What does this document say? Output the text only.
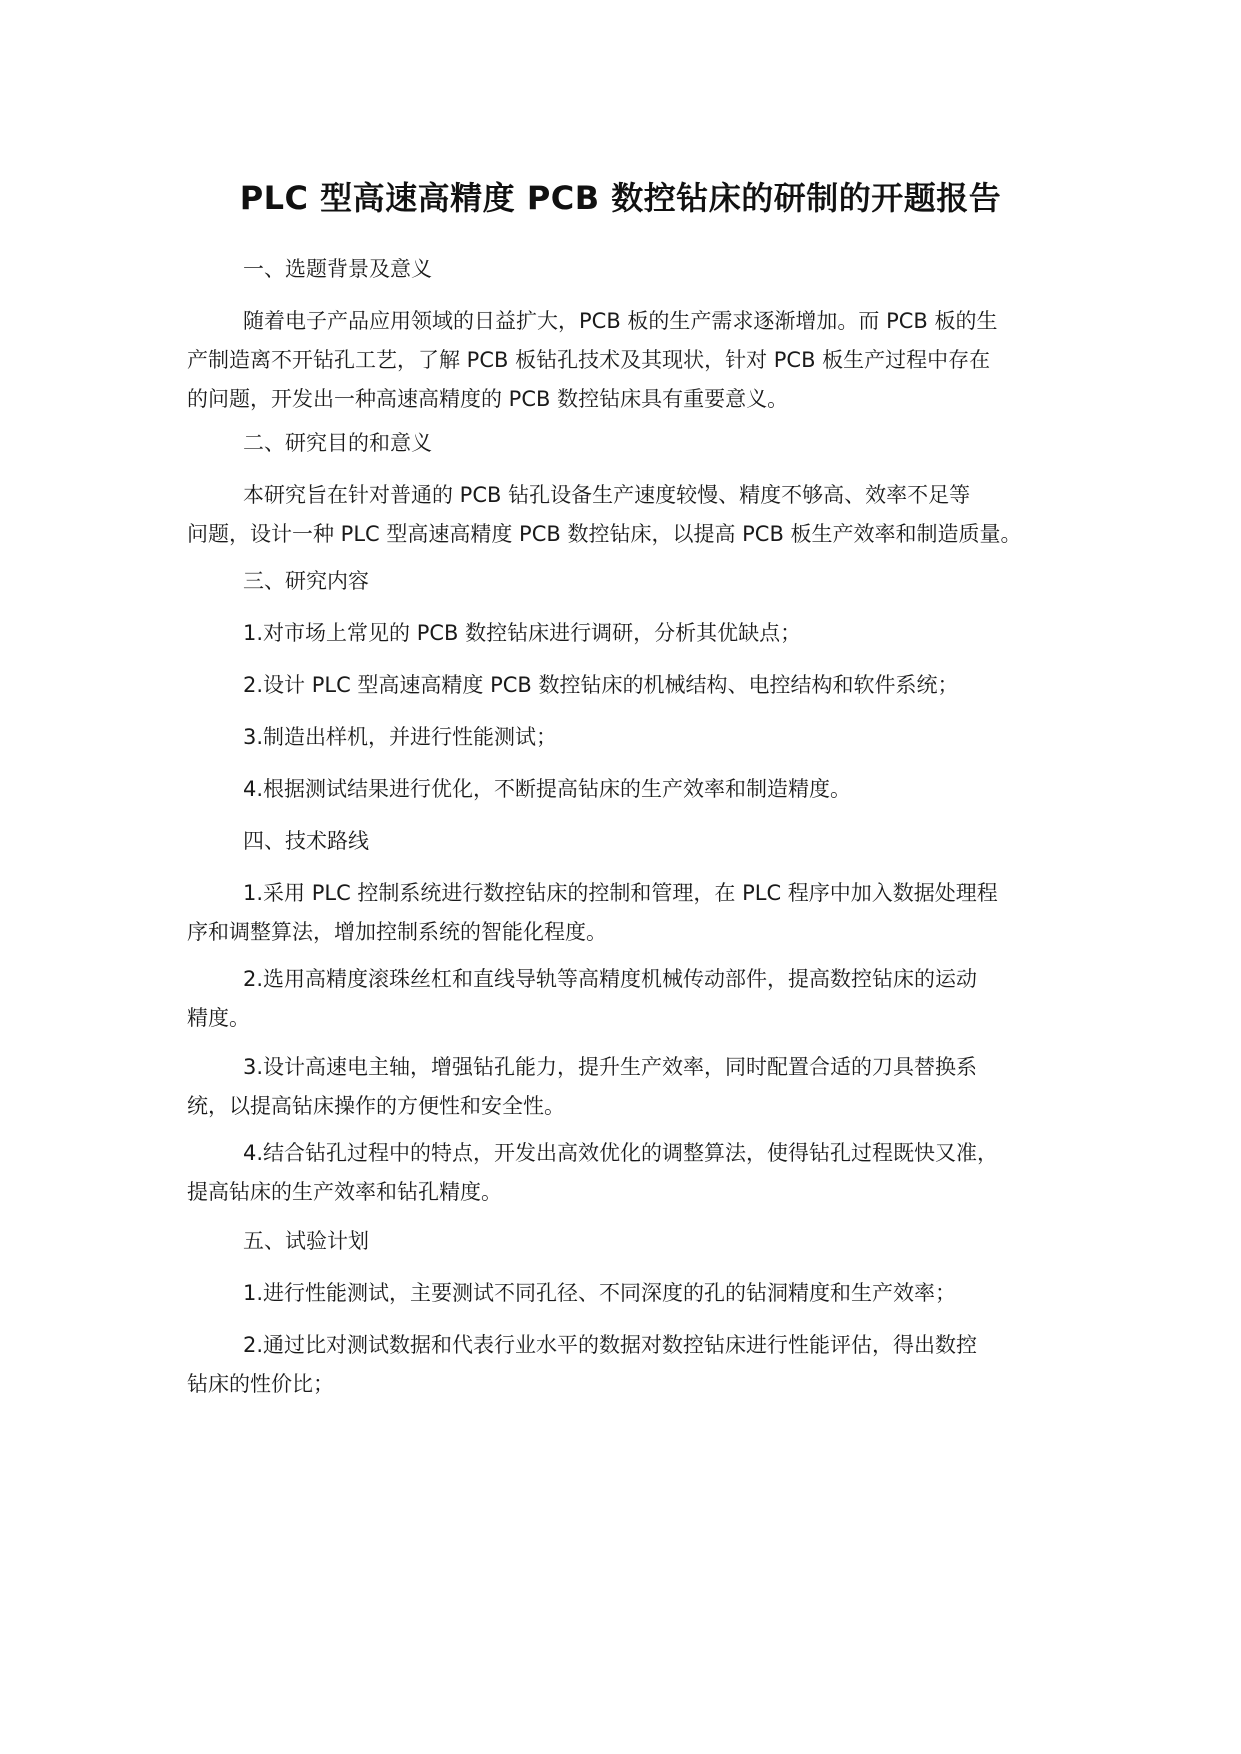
PLC 型高速高精度 PCB 数控钻床的研制的开题报告

一、选题背景及意义

随着电子产品应用领域的日益扩大，PCB 板的生产需求逐渐增加。而 PCB 板的生
产制造离不开钻孔工艺，了解 PCB 板钻孔技术及其现状，针对 PCB 板生产过程中存在
的问题，开发出一种高速高精度的 PCB 数控钻床具有重要意义。

二、研究目的和意义

本研究旨在针对普通的 PCB 钻孔设备生产速度较慢、精度不够高、效率不足等
问题，设计一种 PLC 型高速高精度 PCB 数控钻床，以提高 PCB 板生产效率和制造质量。

三、研究内容

1.对市场上常见的 PCB 数控钻床进行调研，分析其优缺点；

2.设计 PLC 型高速高精度 PCB 数控钻床的机械结构、电控结构和软件系统；

3.制造出样机，并进行性能测试；

4.根据测试结果进行优化，不断提高钻床的生产效率和制造精度。

四、技术路线

1.采用 PLC 控制系统进行数控钻床的控制和管理，在 PLC 程序中加入数据处理程
序和调整算法，增加控制系统的智能化程度。

2.选用高精度滚珠丝杠和直线导轨等高精度机械传动部件，提高数控钻床的运动
精度。

3.设计高速电主轴，增强钻孔能力，提升生产效率，同时配置合适的刀具替换系
统，以提高钻床操作的方便性和安全性。

4.结合钻孔过程中的特点，开发出高效优化的调整算法，使得钻孔过程既快又准，
提高钻床的生产效率和钻孔精度。

五、试验计划

1.进行性能测试，主要测试不同孔径、不同深度的孔的钻洞精度和生产效率；

2.通过比对测试数据和代表行业水平的数据对数控钻床进行性能评估，得出数控
钻床的性价比；
